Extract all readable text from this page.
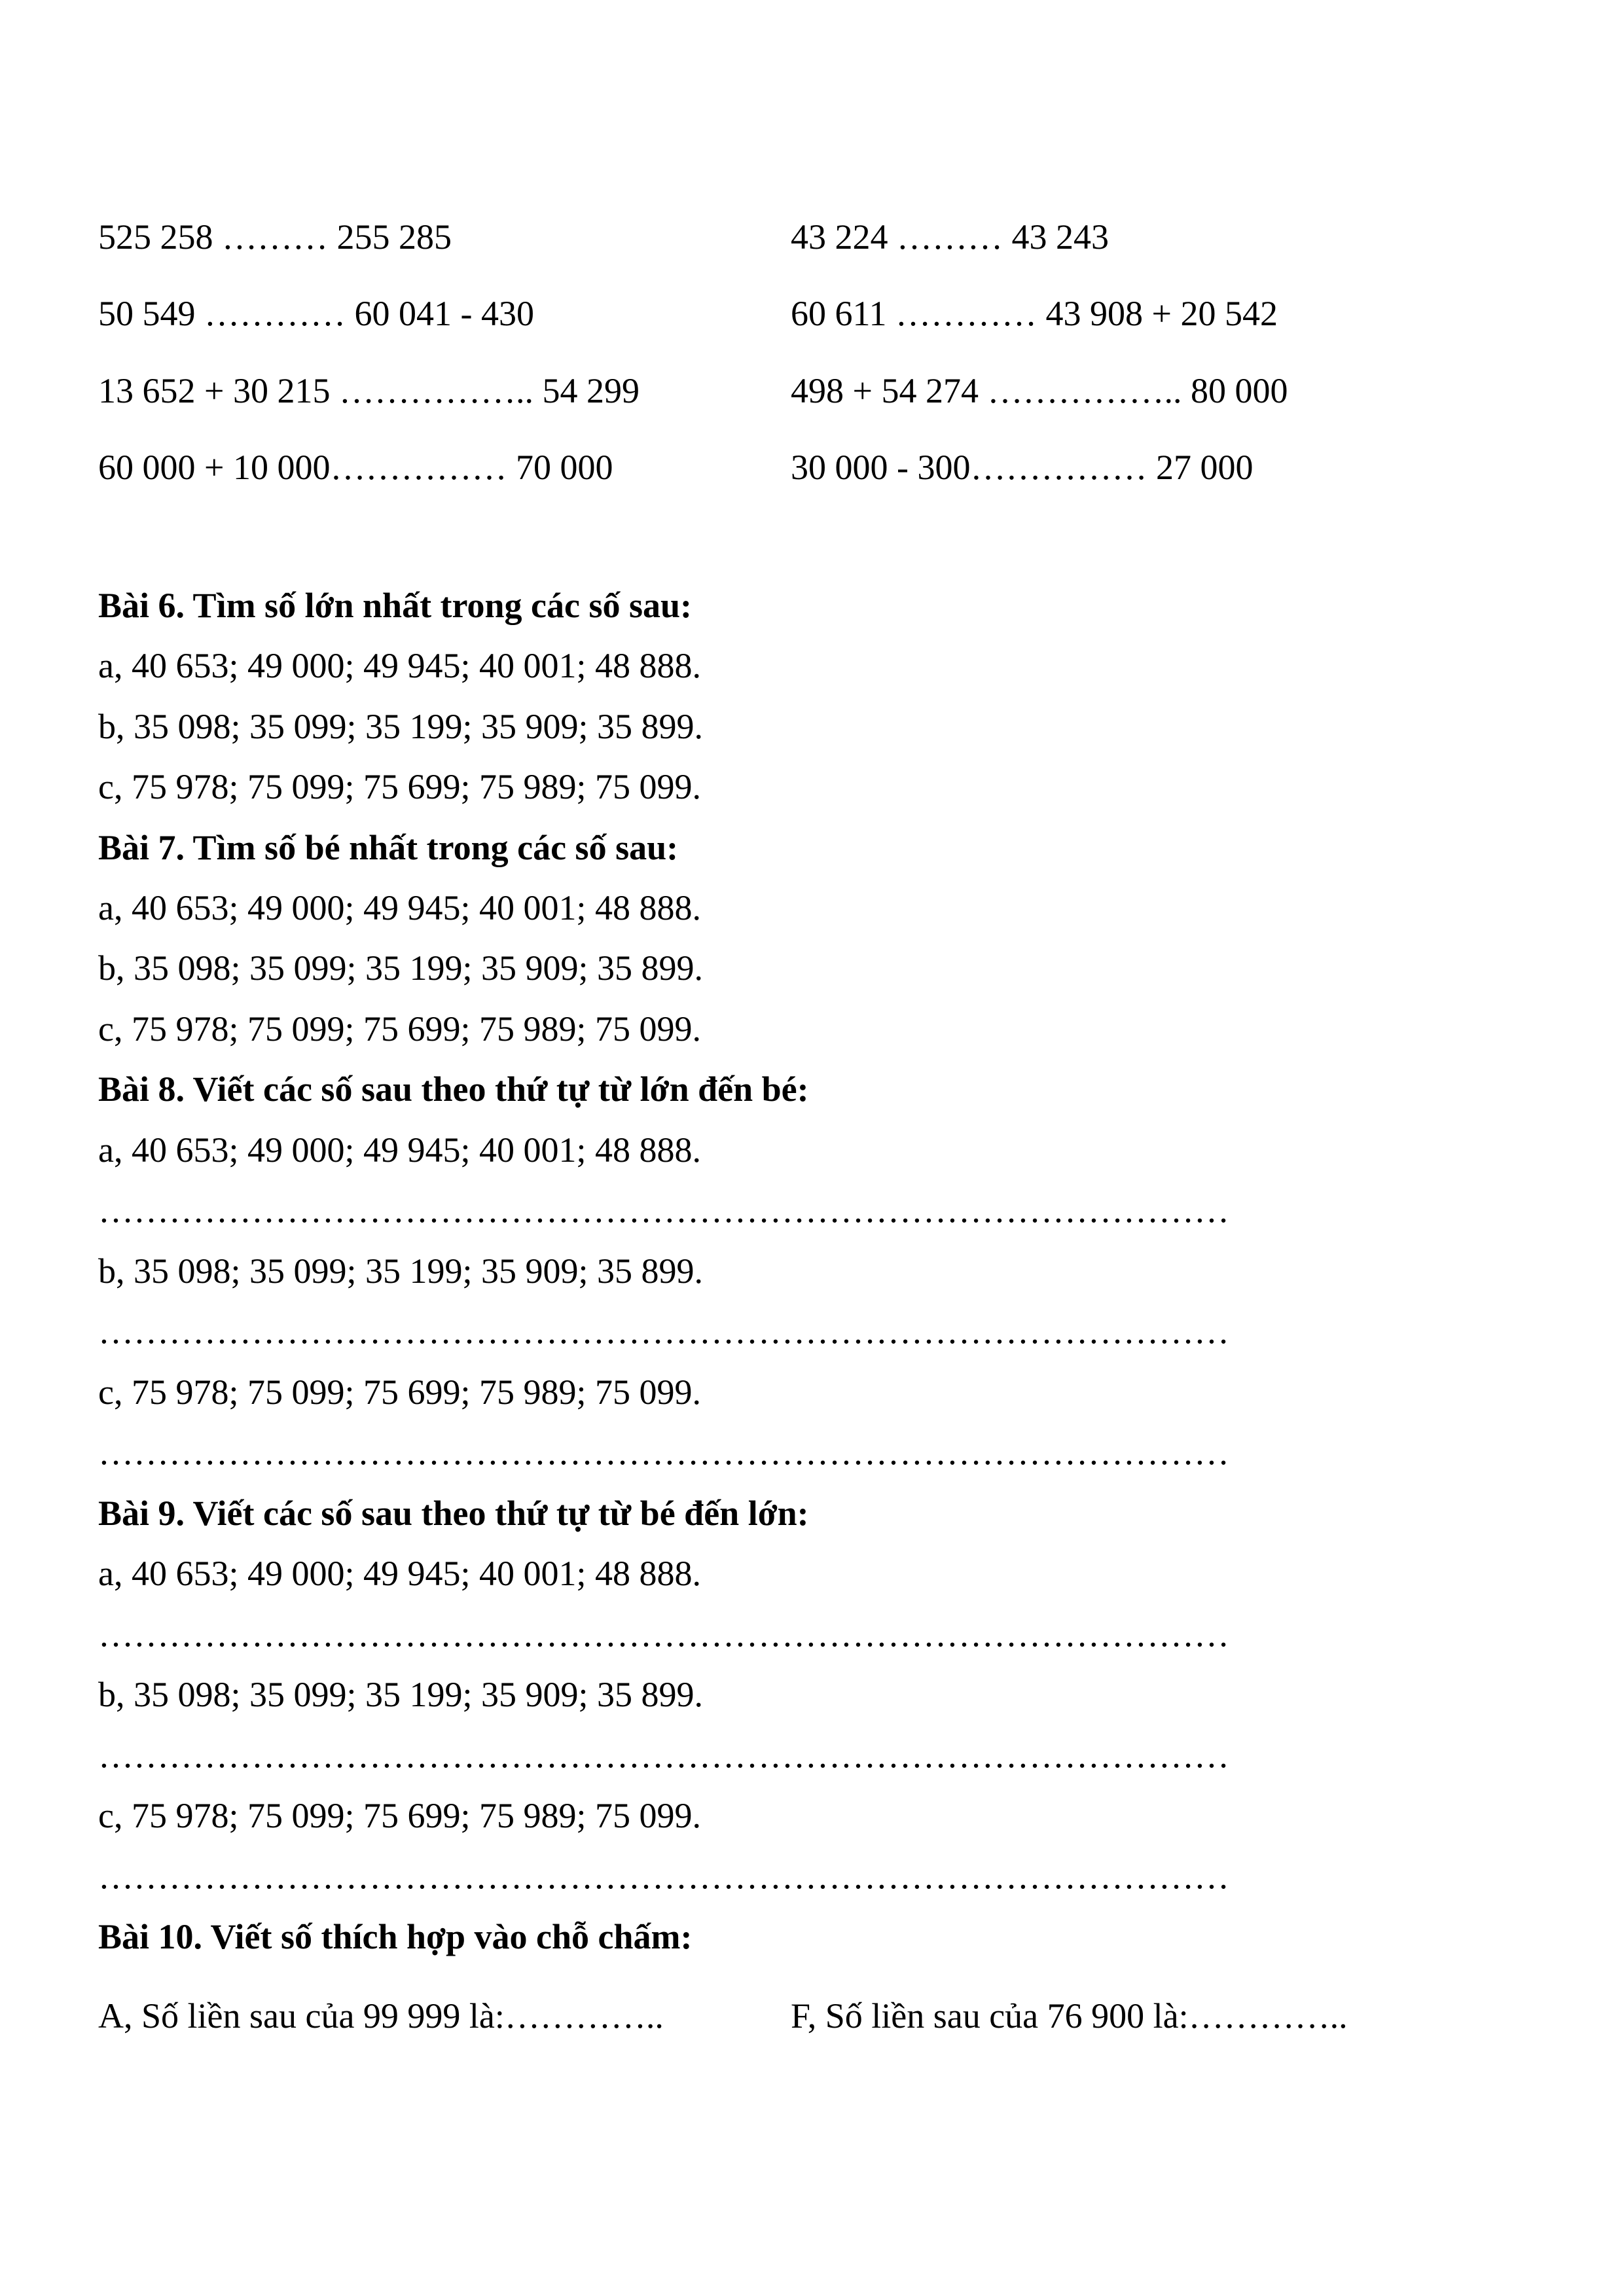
525 258 ……… 255 285	43 224 ……… 43 243
50 549 ………… 60 041 - 430	60 611 ………… 43 908 + 20 542
13 652 + 30 215 …………….. 54 299	498 + 54 274 …………….. 80 000
60 000 + 10 000…………… 70 000	30 000 - 300…………… 27 000
Bài 6. Tìm số lớn nhất trong các số sau:
a, 40 653; 49 000; 49 945; 40 001; 48 888.
b, 35 098; 35 099; 35 199; 35 909; 35 899.
c, 75 978; 75 099; 75 699; 75 989; 75 099.
Bài 7. Tìm số bé nhất trong các số sau:
a, 40 653; 49 000; 49 945; 40 001; 48 888.
b, 35 098; 35 099; 35 199; 35 909; 35 899.
c, 75 978; 75 099; 75 699; 75 989; 75 099.
Bài 8. Viết các số sau theo thứ tự từ lớn đến bé:
a, 40 653; 49 000; 49 945; 40 001; 48 888.
……………………………………………………………………………………
b, 35 098; 35 099; 35 199; 35 909; 35 899.
……………………………………………………………………………………
c, 75 978; 75 099; 75 699; 75 989; 75 099.
……………………………………………………………………………………
Bài 9. Viết các số sau theo thứ tự từ bé đến lớn:
a, 40 653; 49 000; 49 945; 40 001; 48 888.
……………………………………………………………………………………
b, 35 098; 35 099; 35 199; 35 909; 35 899.
……………………………………………………………………………………
c, 75 978; 75 099; 75 699; 75 989; 75 099.
……………………………………………………………………………………
Bài 10. Viết số thích hợp vào chỗ chấm:
A, Số liền sau của 99 999 là:…………..	F, Số liền sau của 76 900 là:…………..
